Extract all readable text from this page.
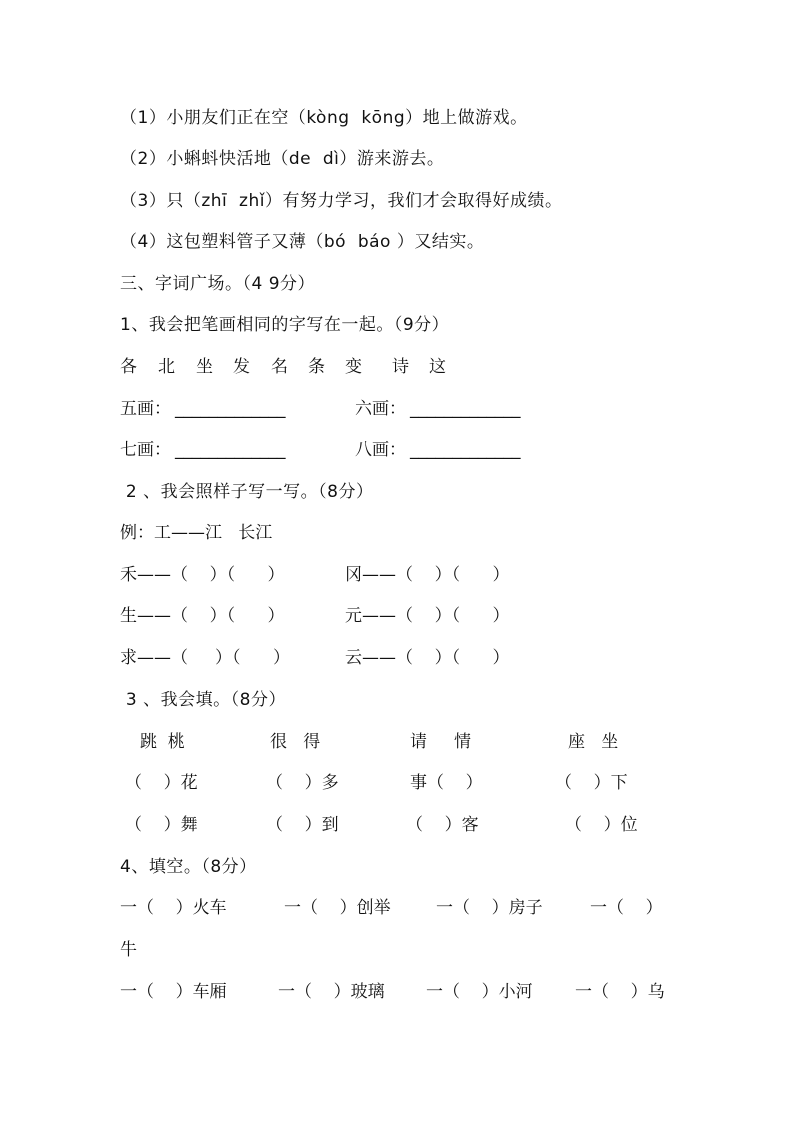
（1）小朋友们正在空（kòng  kōng）地上做游戏。
（2）小蝌蚪快活地（de  dì）游来游去。
（3）只（zhī  zhǐ）有努力学习，我们才会取得好成绩。
（4）这包塑料管子又薄（bó  báo ）又结实。
三、字词广场。（4 9分）
1、我会把笔画相同的字写在一起。（9分）
各 北 坐 发 名 条 变 诗 这
五画： _____________	六画： _____________
七画： _____________	八画： _____________
2 、我会照样子写一写。（8分）
例：工——江   长江
禾——（    ）（      ）	冈——（    ）（      ）
生——（    ）（      ）	元——（    ）（      ）
求——（     ）（      ）	云——（    ）（      ）
3 、我会填。（8分）
跳  桃	很   得	请     情	座   坐
（    ）花	（    ）多	事（    ）	（    ）下
（    ）舞	（    ）到	（    ）客	（    ）位
4、填空。（8分）
一（    ）火车	一（    ）创举	一（    ）房子	一（    ）
牛
一（    ）车厢	一（    ）玻璃 一（    ）小河 一（    ）乌
